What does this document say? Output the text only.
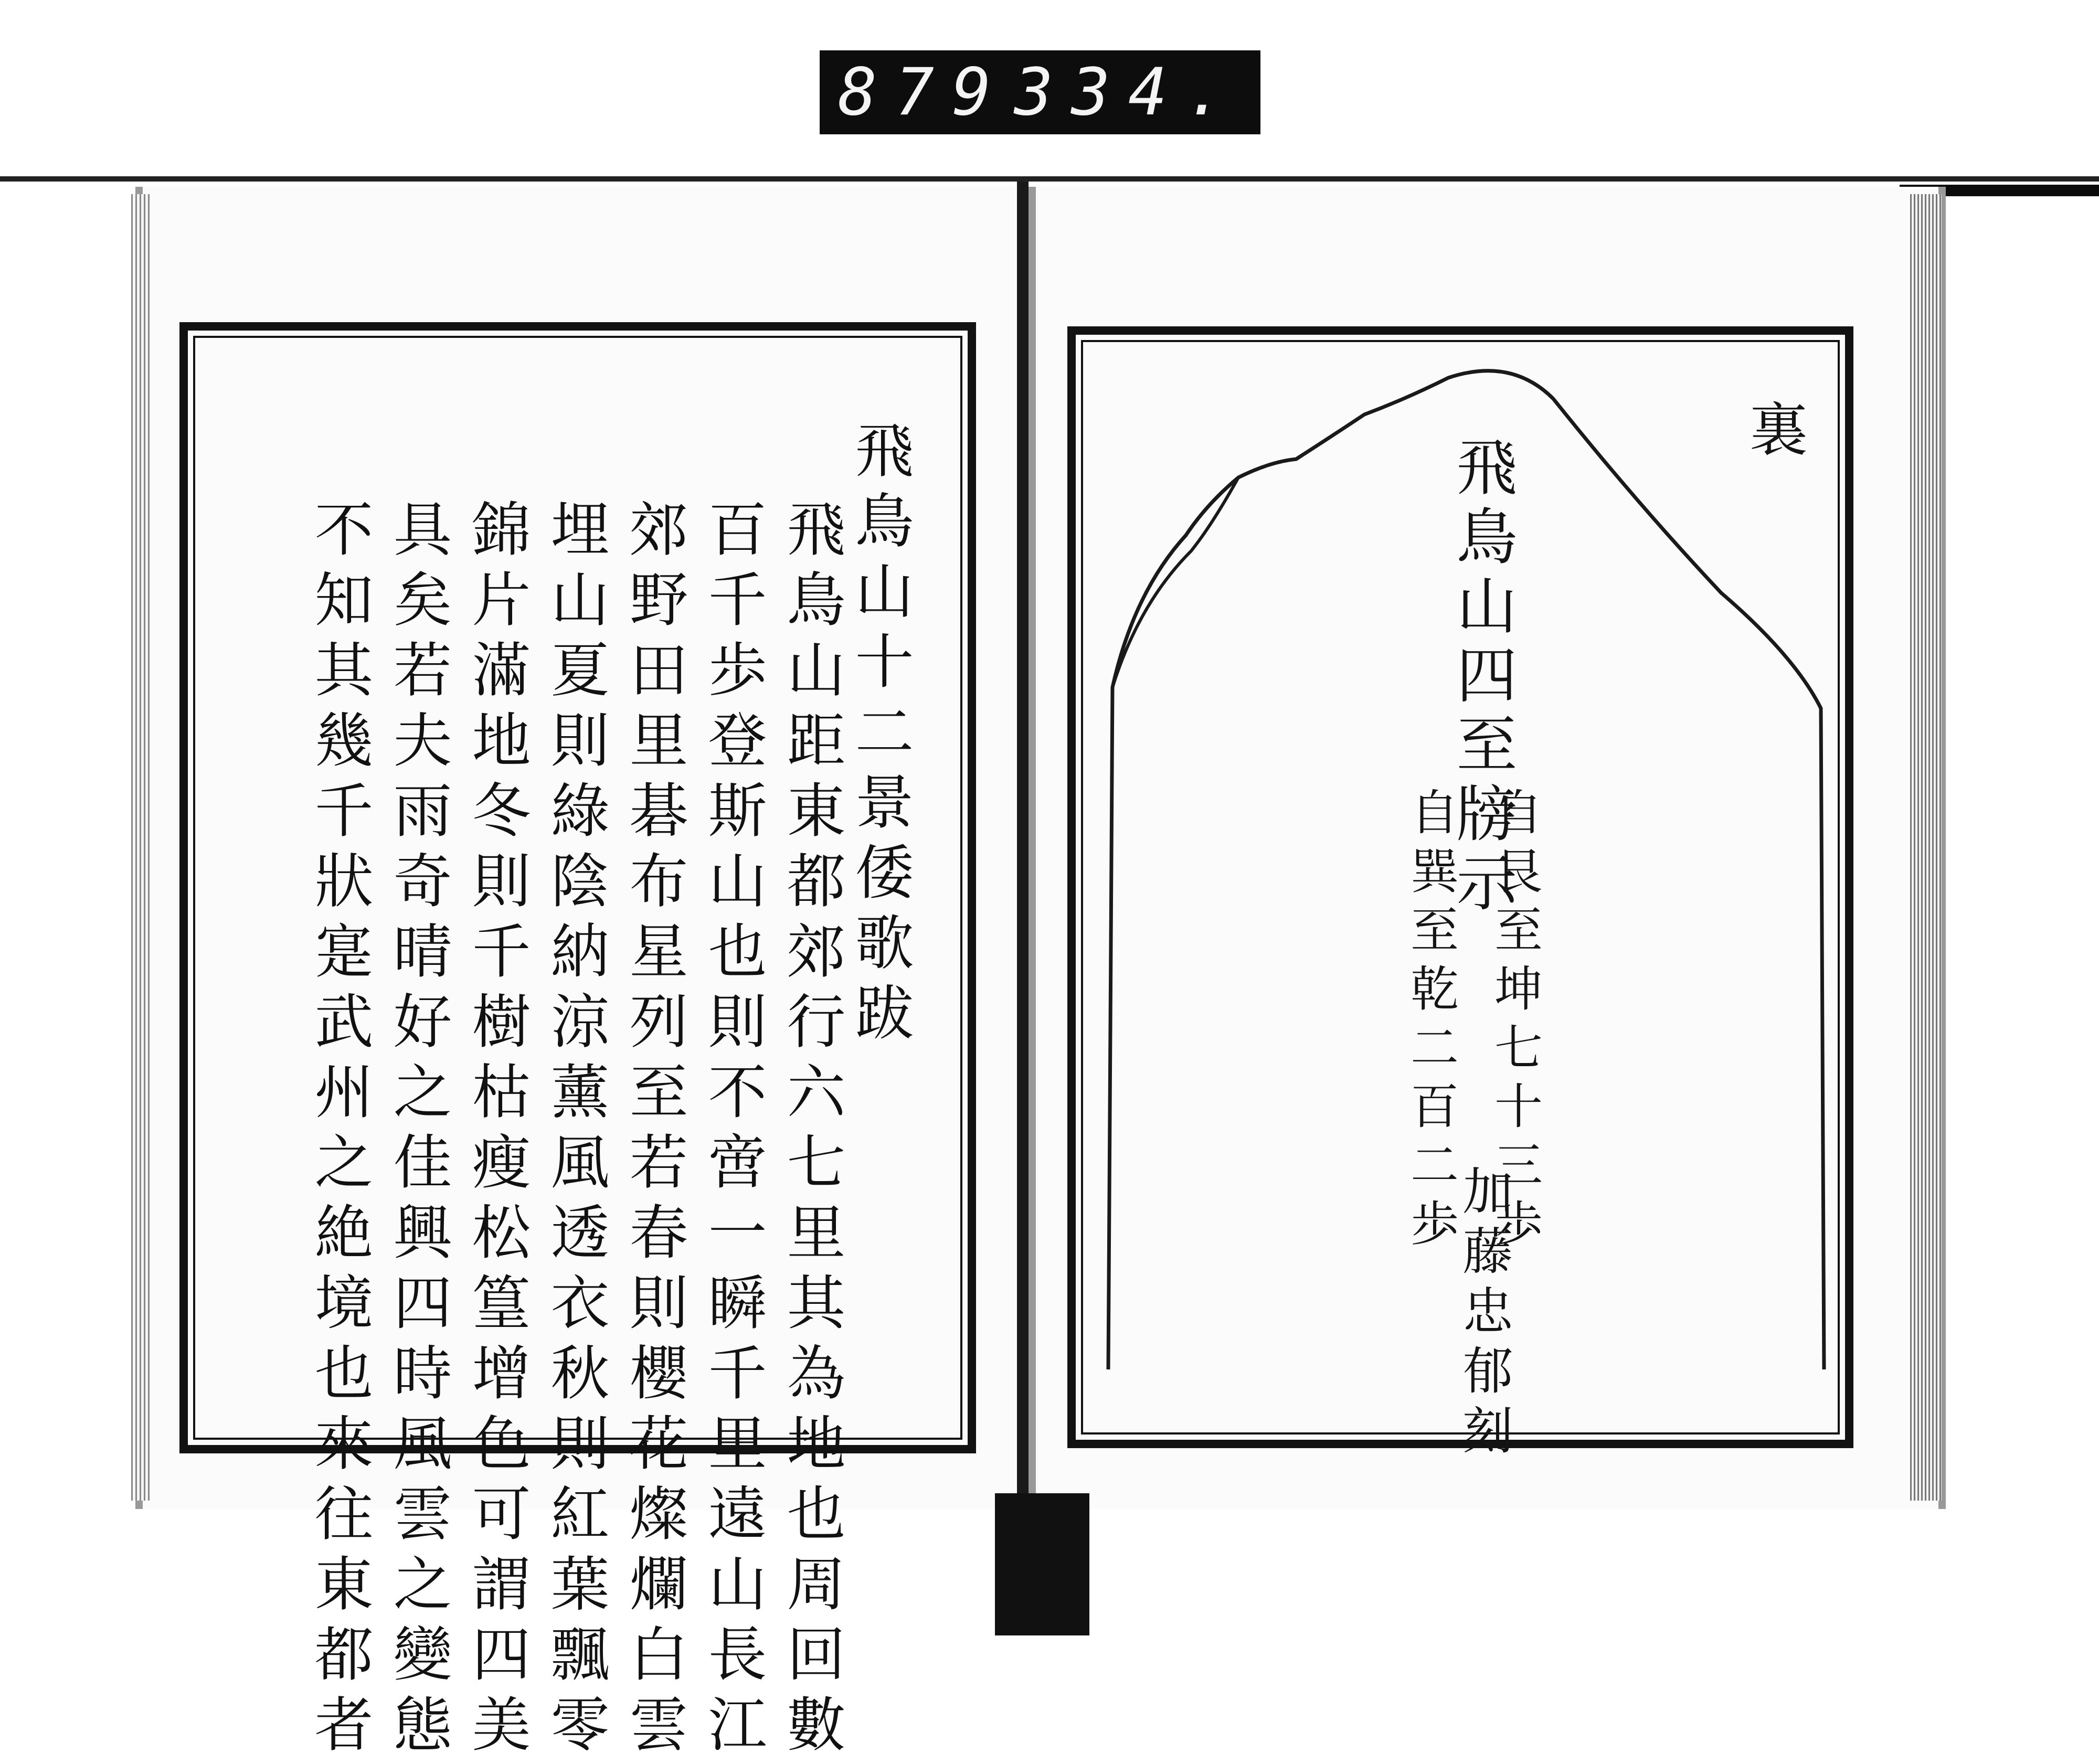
879 334.
飛鳥山十二景倭歌跋
飛鳥山距東都郊行六七里其為地也周回數
百千歩登斯山也則不啻一瞬千里遠山長江
郊野田里碁布星列至若春則櫻花燦爛白雲
埋山夏則綠陰納涼薰風透衣秋則紅葉飄零
錦片滿地冬則千樹枯瘦松篁增色可謂四美
具矣若夫雨奇晴好之佳興四時風雲之變態
不知其幾千狀寔武州之絶境也來往東都者
裏
飛鳥山四至牓示
自艮至坤七十三歩
自巽至乾二百二歩
加藤忠郁刻
